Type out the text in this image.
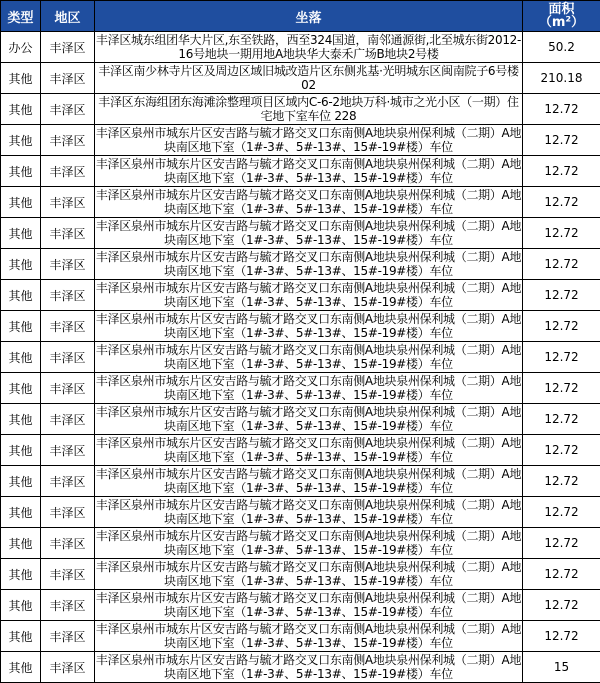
类型	地区	坐落	面积
（m²）
办公	丰泽区	丰泽区城东组团华大片区,东至铁路，西至324国道，南邻通源街,北至城东街2012-16号地块一期用地A地块华大泰禾广场B地块2号楼	50.2
其他	丰泽区	丰泽区南少林寺片区及周边区域旧城改造片区东侧兆基·光明城东区闽南院子6号楼02	210.18
其他	丰泽区	丰泽区东海组团东海滩涂整理项目区域内C-6-2地块万科·城市之光小区（一期）住宅地下室车位 228	12.72
其他	丰泽区	丰泽区泉州市城东片区安吉路与毓才路交叉口东南侧A地块泉州保利城（二期）A地块南区地下室（1#-3#、5#-13#、15#-19#楼）车位	12.72
其他	丰泽区	丰泽区泉州市城东片区安吉路与毓才路交叉口东南侧A地块泉州保利城（二期）A地块南区地下室（1#-3#、5#-13#、15#-19#楼）车位	12.72
其他	丰泽区	丰泽区泉州市城东片区安吉路与毓才路交叉口东南侧A地块泉州保利城（二期）A地块南区地下室（1#-3#、5#-13#、15#-19#楼）车位	12.72
其他	丰泽区	丰泽区泉州市城东片区安吉路与毓才路交叉口东南侧A地块泉州保利城（二期）A地块南区地下室（1#-3#、5#-13#、15#-19#楼）车位	12.72
其他	丰泽区	丰泽区泉州市城东片区安吉路与毓才路交叉口东南侧A地块泉州保利城（二期）A地块南区地下室（1#-3#、5#-13#、15#-19#楼）车位	12.72
其他	丰泽区	丰泽区泉州市城东片区安吉路与毓才路交叉口东南侧A地块泉州保利城（二期）A地块南区地下室（1#-3#、5#-13#、15#-19#楼）车位	12.72
其他	丰泽区	丰泽区泉州市城东片区安吉路与毓才路交叉口东南侧A地块泉州保利城（二期）A地块南区地下室（1#-3#、5#-13#、15#-19#楼）车位	12.72
其他	丰泽区	丰泽区泉州市城东片区安吉路与毓才路交叉口东南侧A地块泉州保利城（二期）A地块南区地下室（1#-3#、5#-13#、15#-19#楼）车位	12.72
其他	丰泽区	丰泽区泉州市城东片区安吉路与毓才路交叉口东南侧A地块泉州保利城（二期）A地块南区地下室（1#-3#、5#-13#、15#-19#楼）车位	12.72
其他	丰泽区	丰泽区泉州市城东片区安吉路与毓才路交叉口东南侧A地块泉州保利城（二期）A地块南区地下室（1#-3#、5#-13#、15#-19#楼）车位	12.72
其他	丰泽区	丰泽区泉州市城东片区安吉路与毓才路交叉口东南侧A地块泉州保利城（二期）A地块南区地下室（1#-3#、5#-13#、15#-19#楼）车位	12.72
其他	丰泽区	丰泽区泉州市城东片区安吉路与毓才路交叉口东南侧A地块泉州保利城（二期）A地块南区地下室（1#-3#、5#-13#、15#-19#楼）车位	12.72
其他	丰泽区	丰泽区泉州市城东片区安吉路与毓才路交叉口东南侧A地块泉州保利城（二期）A地块南区地下室（1#-3#、5#-13#、15#-19#楼）车位	12.72
其他	丰泽区	丰泽区泉州市城东片区安吉路与毓才路交叉口东南侧A地块泉州保利城（二期）A地块南区地下室（1#-3#、5#-13#、15#-19#楼）车位	12.72
其他	丰泽区	丰泽区泉州市城东片区安吉路与毓才路交叉口东南侧A地块泉州保利城（二期）A地块南区地下室（1#-3#、5#-13#、15#-19#楼）车位	12.72
其他	丰泽区	丰泽区泉州市城东片区安吉路与毓才路交叉口东南侧A地块泉州保利城（二期）A地块南区地下室（1#-3#、5#-13#、15#-19#楼）车位	12.72
其他	丰泽区	丰泽区泉州市城东片区安吉路与毓才路交叉口东南侧A地块泉州保利城（二期）A地块南区地下室（1#-3#、5#-13#、15#-19#楼）车位	12.72
其他	丰泽区	丰泽区泉州市城东片区安吉路与毓才路交叉口东南侧A地块泉州保利城（二期）A地块南区地下室（1#-3#、5#-13#、15#-19#楼）车位	15
